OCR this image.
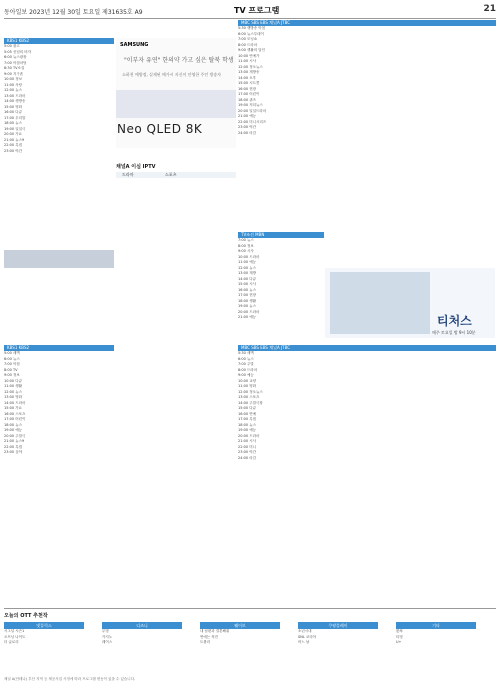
동아일보 2023년 12월 30일 토요일 제31635호 A9	TV 프로그램	21
SAMSUNG
"이부자 유연" 한의약 가고 싶은 탈북 학생
소하천 예방정, 실제된 에가시 자신이 안영한 주인 방송자
Neo QLED 8K
채널A 이심 IPTV
드라마	스포츠
티처스
매주 토요일 밤 9시 10분
KBS1 KBS2
5:00 광고
5:05 신념의 비자
6:00 뉴스광장
7:00 아침마당
8:30 TV소설
9:00 지구촌
10:00 정보
11:00 사랑
12:00 뉴스
13:00 드라마
14:00 생방송
15:00 영화
16:00 다큐
17:00 우리말
18:00 뉴스
19:00 일일극
20:00 가요
21:00 뉴스9
22:00 특집
23:00 야간
MBC SBS EBS 채널A JTBC
5:30 생방송 아침
6:00 뉴스투데이
7:00 모닝쇼
8:00 드라마
9:00 생활의 달인
10:00 연예가
11:00 시사
12:00 정오뉴스
13:00 재방송
14:00 오후
15:00 시트콤
16:00 현장
17:00 어린이
18:00 퀴즈
19:00 저녁뉴스
20:00 일일드라마
21:00 예능
22:00 미니시리즈
23:00 야간
24:00 마감
KBS1 KBS2
5:00 새벽
6:00 뉴스
7:00 아침
8:00 TV
9:00 정보
10:00 다큐
11:00 생활
12:00 뉴스
13:00 영화
14:00 드라마
15:00 가요
16:00 스포츠
17:00 어린이
18:00 뉴스
19:00 예능
20:00 주말극
21:00 뉴스9
22:00 특집
23:00 심야
TV조선 MBN
7:00 뉴스
8:00 정보
9:00 시사
10:00 드라마
11:00 예능
12:00 뉴스
13:00 재방
14:00 다큐
15:00 시사
16:00 뉴스
17:00 현장
18:00 생활
19:00 뉴스
20:00 드라마
21:00 예능
MBC SBS EBS 채널A JTBC
5:30 새벽
6:00 뉴스
7:00 주말
8:00 드라마
9:00 예능
10:00 교양
11:00 영화
12:00 정오뉴스
13:00 스포츠
14:00 주말극장
15:00 다큐
16:00 연예
17:00 특집
18:00 뉴스
19:00 예능
20:00 드라마
21:00 시사
22:00 미니
23:00 야간
24:00 마감
오늘의 OTT 추천작
넷플릭스
시그널 시즌1
오프닝 나이트
더 글로리
디즈니
무빙
카지노
레이스
웨이브
내 남편과 결혼해줘
연애는 직진
트롤리
쿠팡플레이
소년시대
SNL 코리아
어느 날
기타
왓챠
티빙
U+
채널 A(안테나) 부산 지역 등 제공사업 사정에 따라 프로그램 변동이 있을 수 있습니다.
